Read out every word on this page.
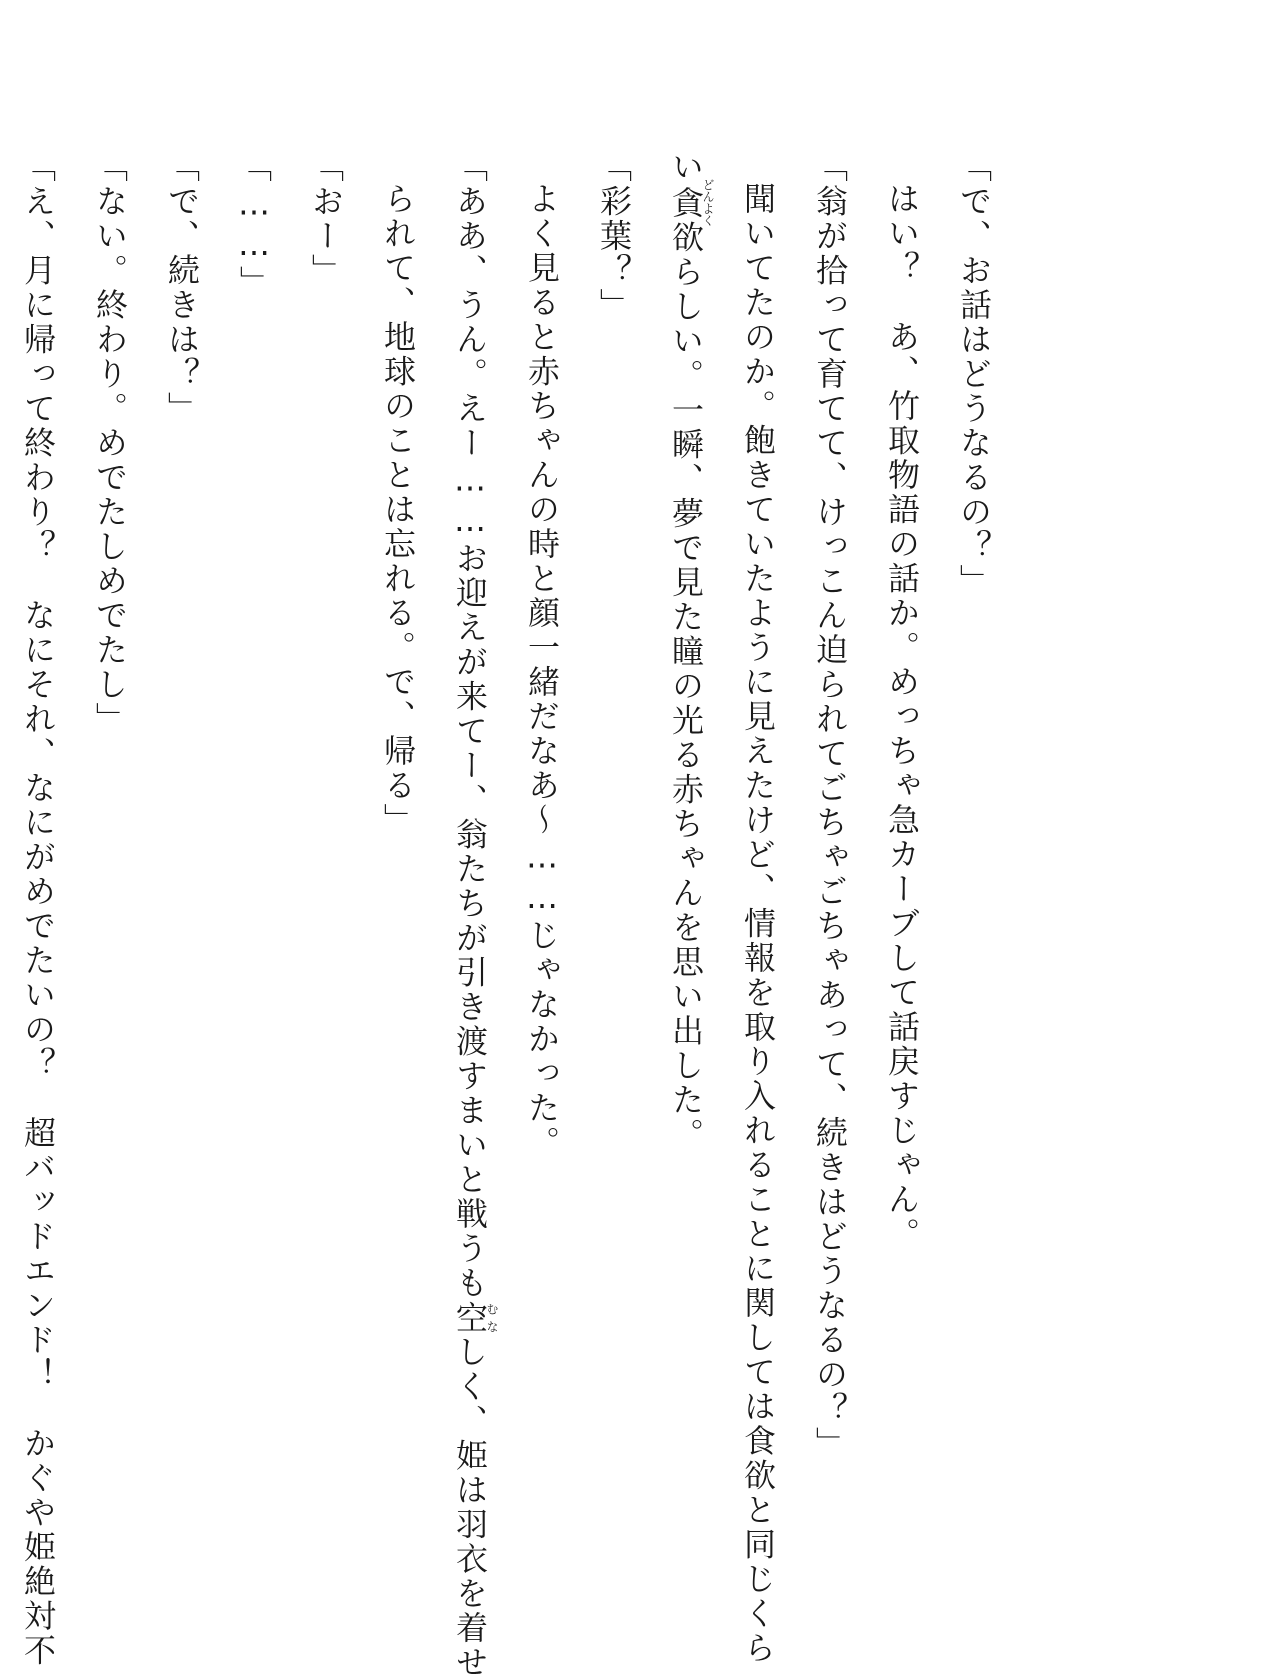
「で、お話はどうなるの？」
はい？　あ、竹取物語の話か。めっちゃ急カーブして話戻すじゃん。
「翁が拾って育てて、けっこん迫られてごちゃごちゃあって、続きはどうなるの？」
聞いてたのか。飽きていたように見えたけど、情報を取り入れることに関しては食欲と同じくら
い貪どんよく欲らしい。一瞬、夢で見た瞳の光る赤ちゃんを思い出した。
「彩葉？」
よく見ると赤ちゃんの時と顔一緒だなあ〜……じゃなかった。
「ああ、うん。えー……お迎えが来てー、翁たちが引き渡すまいと戦うも空むなしく、姫は羽衣を着せ
られて、地球のことは忘れる。で、帰る」
「おー」
「……」
「で、続きは？」
「ない。終わり。めでたしめでたし」
「え、月に帰って終わり？　なにそれ、なにがめでたいの？　超バッドエンド！　かぐや姫絶対不
